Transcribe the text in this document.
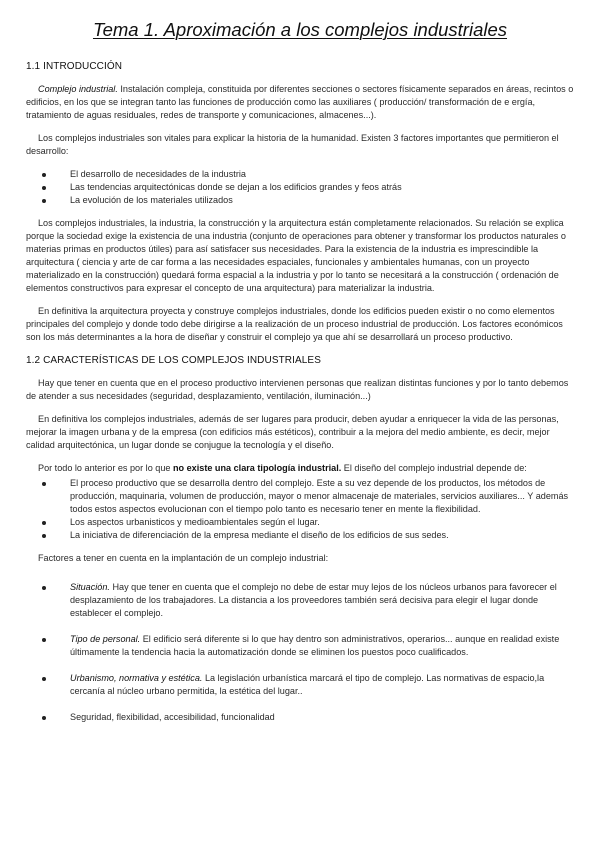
Tema 1. Aproximación a los complejos industriales
1.1 INTRODUCCIÓN

Complejo industrial. Instalación compleja, constituida por diferentes secciones o sectores físicamente separados en áreas, recintos o edificios, en los que se integran tanto las funciones de producción como las auxiliares ( producción/ transformación de e ergía, tratamiento de aguas residuales, redes de transporte y comunicaciones, almacenes...).

Los complejos industriales son vitales para explicar la historia de la humanidad. Existen 3 factores importantes que permitieron el desarrollo:

El desarrollo de necesidades de la industria
Las tendencias arquitectónicas donde se dejan a los edificios grandes y feos atrás
La evolución de los materiales utilizados

Los complejos industriales, la industria, la construcción y la arquitectura están completamente relacionados. Su relación se explica porque la sociedad exige la existencia de una industria (conjunto de operaciones para obtener y transformar los productos naturales o materias primas en productos útiles) para así satisfacer sus necesidades. Para la existencia de la industria es imprescindible la arquitectura ( ciencia y arte de car forma a las necesidades espaciales, funcionales y ambientales humanas, con un proyecto materializado en la construcción) quedará forma espacial a la industria y por lo tanto se necesitará a la construcción ( ordenación de elementos constructivos para expresar el concepto de una arquitectura) para materializar la industria.

En definitiva la arquitectura proyecta y construye complejos industriales, donde los edificios pueden existir o no como elementos principales del complejo y donde todo debe dirigirse a la realización de un proceso industrial de producción. Los factores económicos son los más determinantes a la hora de diseñar y construir el complejo ya que ahí se desarrollará un proceso productivo.

1.2 CARACTERÍSTICAS DE LOS COMPLEJOS INDUSTRIALES

Hay que tener en cuenta que en el proceso productivo intervienen personas que realizan distintas funciones y por lo tanto debemos de atender a sus necesidades (seguridad, desplazamiento, ventilación, iluminación...)

En definitiva los complejos industriales, además de ser lugares para producir, deben ayudar a enriquecer la vida de las personas, mejorar la imagen urbana y de la empresa (con edificios más estéticos), contribuir a la mejora del medio ambiente, es decir, mejor calidad arquitectónica, un lugar donde se conjugue la tecnología y el diseño.

Por todo lo anterior es por lo que no existe una clara tipología industrial. El diseño del complejo industrial depende de:

El proceso productivo que se desarrolla dentro del complejo. Este a su vez depende de los productos, los métodos de producción, maquinaria, volumen de producción, mayor o menor almacenaje de materiales, servicios auxiliares... Y además todos estos aspectos evolucionan con el tiempo polo tanto es necesario tener en mente la flexibilidad.
Los aspectos urbanisticos y medioambientales según el lugar.
La iniciativa de diferenciación de la empresa mediante el diseño de los edificios de sus sedes.

Factores a tener en cuenta en la implantación de un complejo industrial:

Situación. Hay que tener en cuenta que el complejo no debe de estar muy lejos de los núcleos urbanos para favorecer el desplazamiento de los trabajadores. La distancia a los proveedores también será decisiva para elegir el lugar donde establecer el complejo.
Tipo de personal. El edificio será diferente si lo que hay dentro son administrativos, operarios... aunque en realidad existe últimamente la tendencia hacia la automatización donde se eliminen los puestos poco cualificados.
Urbanismo, normativa y estética. La legislación urbanística marcará el tipo de complejo. Las normativas de espacio,la cercanía al núcleo urbano permitida, la estética del lugar..
Seguridad, flexibilidad, accesibilidad, funcionalidad
